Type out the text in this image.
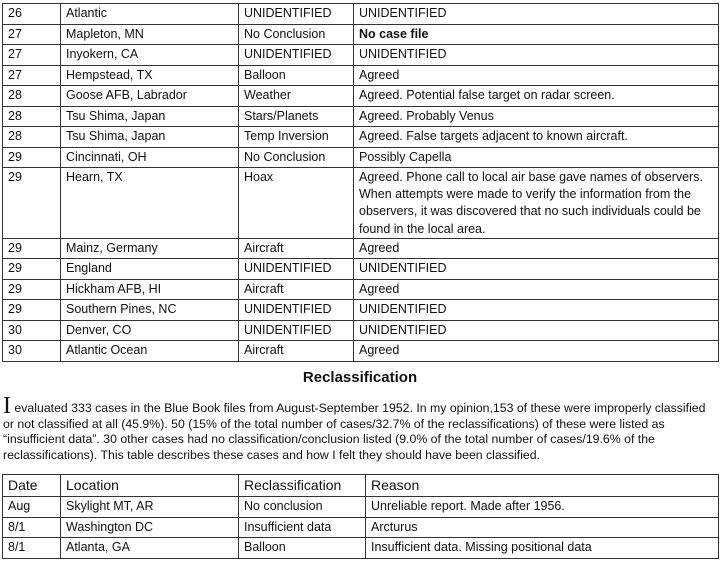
26	Atlantic	UNIDENTIFIED	UNIDENTIFIED
27	Mapleton, MN	No Conclusion	No case file
27	Inyokern, CA	UNIDENTIFIED	UNIDENTIFIED
27	Hempstead, TX	Balloon	Agreed
28	Goose AFB, Labrador	Weather	Agreed. Potential false target on radar screen.
28	Tsu Shima, Japan	Stars/Planets	Agreed. Probably Venus
28	Tsu Shima, Japan	Temp Inversion	Agreed. False targets adjacent to known aircraft.
29	Cincinnati, OH	No Conclusion	Possibly Capella
29	Hearn, TX	Hoax	Agreed. Phone call to local air base gave names of observers. When attempts were made to verify the information from the observers, it was discovered that no such individuals could be found in the local area.
29	Mainz, Germany	Aircraft	Agreed
29	England	UNIDENTIFIED	UNIDENTIFIED
29	Hickham AFB, HI	Aircraft	Agreed
29	Southern Pines, NC	UNIDENTIFIED	UNIDENTIFIED
30	Denver, CO	UNIDENTIFIED	UNIDENTIFIED
30	Atlantic Ocean	Aircraft	Agreed
Reclassification

I evaluated 333 cases in the Blue Book files from August-September 1952. In my opinion,153 of these were improperly classified or not classified at all (45.9%). 50 (15% of the total number of cases/32.7% of the reclassifications) of these were listed as “insufficient data”. 30 other cases had no classification/conclusion listed (9.0% of the total number of cases/19.6% of the reclassifications). This table describes these cases and how I felt they should have been classified.

Date	Location	Reclassification	Reason
Aug	Skylight MT, AR	No conclusion	Unreliable report. Made after 1956.
8/1	Washington DC	Insufficient data	Arcturus
8/1	Atlanta, GA	Balloon	Insufficient data. Missing positional data
